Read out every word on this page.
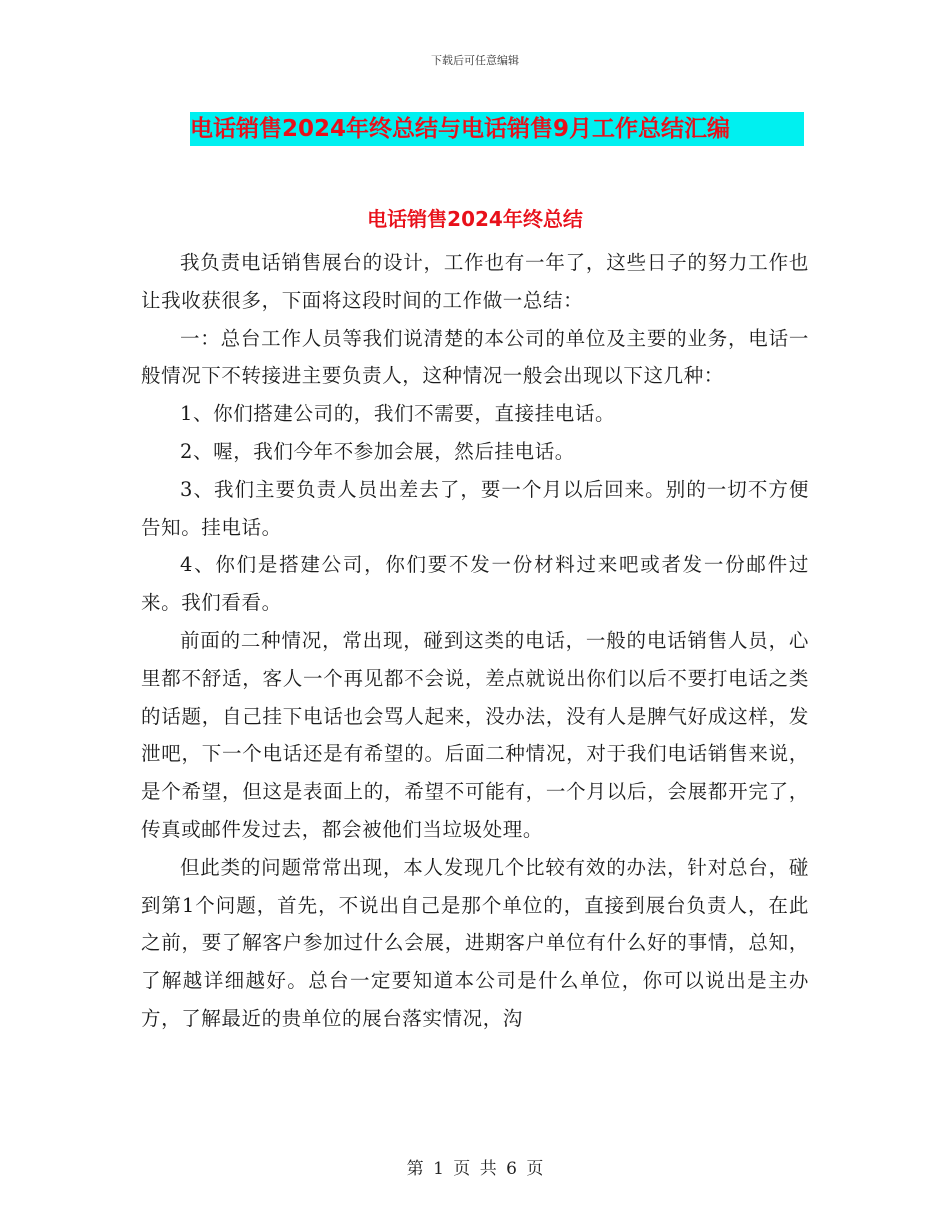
下载后可任意编辑
电话销售2024年终总结与电话销售9月工作总结汇编
电话销售2024年终总结

我负责电话销售展台的设计，工作也有一年了，这些日子的努力工作也让我收获很多，下面将这段时间的工作做一总结：

一：总台工作人员等我们说清楚的本公司的单位及主要的业务，电话一般情况下不转接进主要负责人，这种情况一般会出现以下这几种：

1、你们搭建公司的，我们不需要，直接挂电话。

2、喔，我们今年不参加会展，然后挂电话。

3、我们主要负责人员出差去了，要一个月以后回来。别的一切不方便告知。挂电话。

4、你们是搭建公司，你们要不发一份材料过来吧或者发一份邮件过来。我们看看。

前面的二种情况，常出现，碰到这类的电话，一般的电话销售人员，心里都不舒适，客人一个再见都不会说，差点就说出你们以后不要打电话之类的话题，自己挂下电话也会骂人起来，没办法，没有人是脾气好成这样，发泄吧，下一个电话还是有希望的。后面二种情况，对于我们电话销售来说，是个希望，但这是表面上的，希望不可能有，一个月以后，会展都开完了，传真或邮件发过去，都会被他们当垃圾处理。

但此类的问题常常出现，本人发现几个比较有效的办法，针对总台，碰到第1个问题，首先，不说出自己是那个单位的，直接到展台负责人，在此之前，要了解客户参加过什么会展，进期客户单位有什么好的事情，总知，了解越详细越好。总台一定要知道本公司是什么单位，你可以说出是主办方，了解最近的贵单位的展台落实情况，沟

第 1 页 共 6 页
